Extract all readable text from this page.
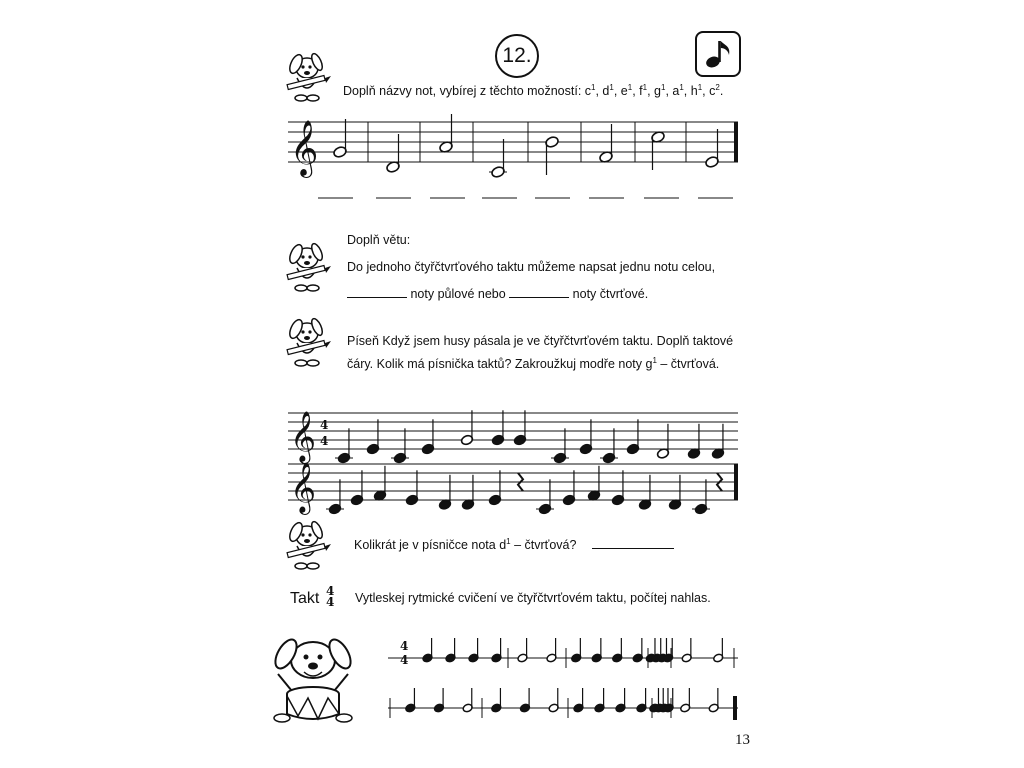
12.
Doplň názvy not, vybírej z těchto možností: $c^1$, $d^1$, $e^1$, $f^1$, $g^1$, $a^1$, $h^1$, $c^2$.
𝄞
Doplň větu:
Do jednoho čtyřčtvrťového taktu můžeme napsat jednu notu celou,
noty půlové nebo	noty čtvrťové.
Píseň Když jsem husy pásala je ve čtyřčtvrťovém taktu. Doplň taktové
čáry. Kolik má písnička taktů? Zakroužkuj modře noty $g^1$ – čtvrťová.
𝄞 4
4
𝄞
Kolikrát je v písničce nota $d^1$ – čtvrťová?
Takt 4
4 Vytleskej rytmické cvičení ve čtyřčtvrťovém taktu, počítej nahlas.
4
4
13
